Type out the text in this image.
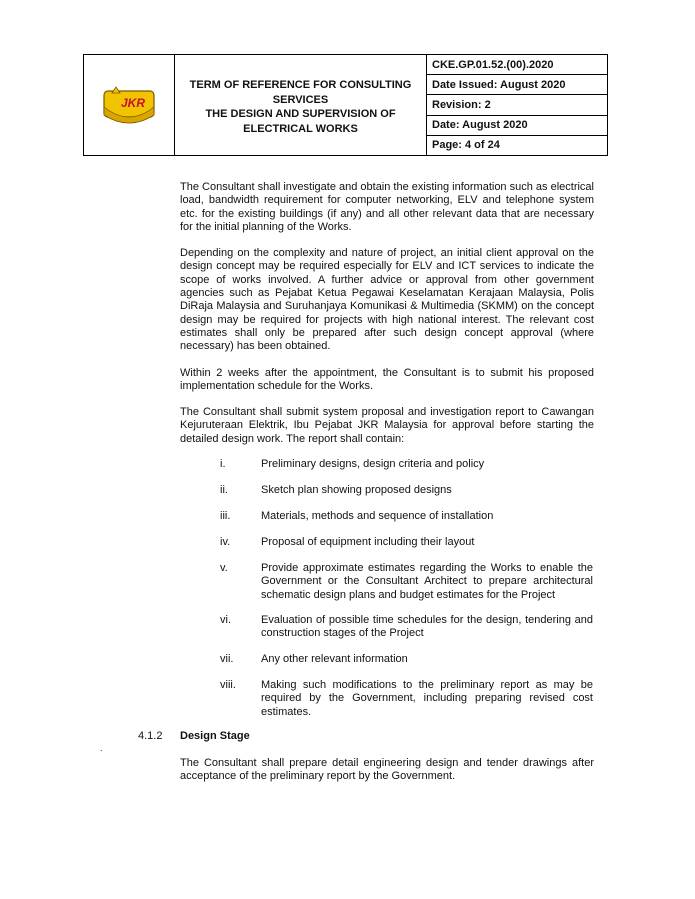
JKR
TERM OF REFERENCE FOR CONSULTING
SERVICES
THE DESIGN AND SUPERVISION OF
ELECTRICAL WORKS
CKE.GP.01.52.(00).2020
Date Issued: August 2020
Revision: 2
Date: August 2020
Page: 4 of 24

The Consultant shall investigate and obtain the existing information such as electrical load, bandwidth requirement for computer networking, ELV and telephone system etc. for the existing buildings (if any) and all other relevant data that are necessary for the initial planning of the Works.

Depending on the complexity and nature of project, an initial client approval on the design concept may be required especially for ELV and ICT services to indicate the scope of works involved. A further advice or approval from other government agencies such as Pejabat Ketua Pegawai Keselamatan Kerajaan Malaysia, Polis DiRaja Malaysia and Suruhanjaya Komunikasi & Multimedia (SKMM) on the concept design may be required for projects with high national interest. The relevant cost estimates shall only be prepared after such design concept approval (where necessary) has been obtained.

Within 2 weeks after the appointment, the Consultant is to submit his proposed implementation schedule for the Works.

The Consultant shall submit system proposal and investigation report to Cawangan Kejuruteraan Elektrik, Ibu Pejabat JKR Malaysia for approval before starting the detailed design work. The report shall contain:

i.	Preliminary designs, design criteria and policy
ii.	Sketch plan showing proposed designs
iii.	Materials, methods and sequence of installation
iv.	Proposal of equipment including their layout
v.	Provide approximate estimates regarding the Works to enable the Government or the Consultant Architect to prepare architectural schematic design plans and budget estimates for the Project
vi.	Evaluation of possible time schedules for the design, tendering and construction stages of the Project
vii.	Any other relevant information
viii.	Making such modifications to the preliminary report as may be required by the Government, including preparing revised cost estimates.
4.1.2 Design Stage
.
The Consultant shall prepare detail engineering design and tender drawings after acceptance of the preliminary report by the Government.
